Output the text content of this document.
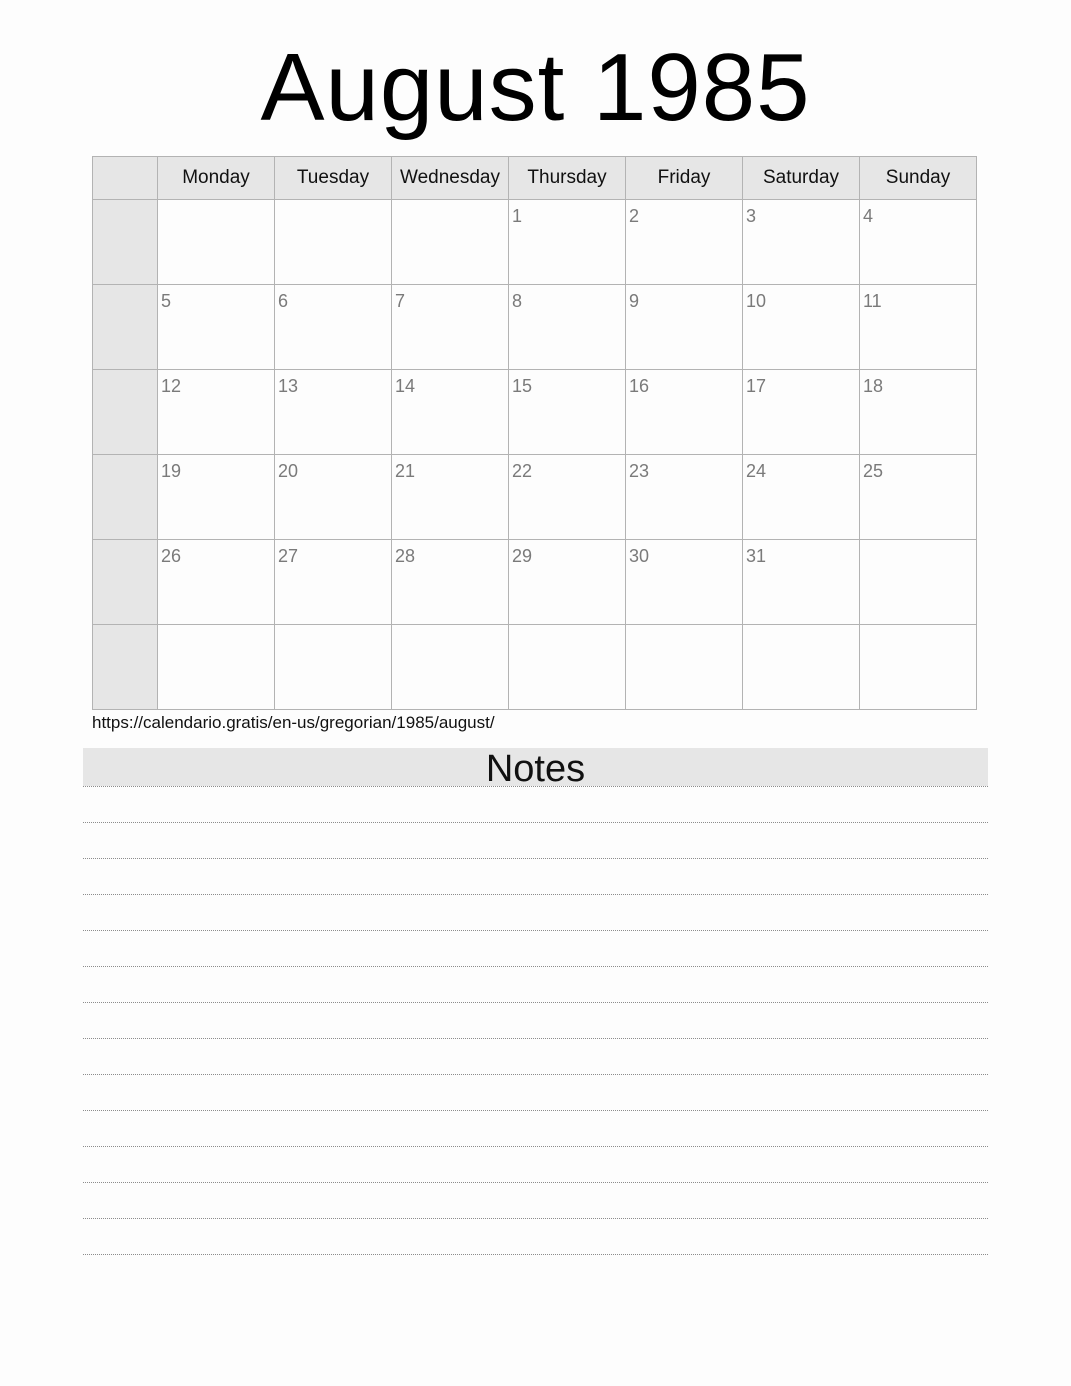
August 1985
	Monday	Tuesday	Wednesday	Thursday	Friday	Saturday	Sunday

				1	2	3	4

	5	6	7	8	9	10	11

	12	13	14	15	16	17	18

	19	20	21	22	23	24	25

	26	27	28	29	30	31	

https://calendario.gratis/en-us/gregorian/1985/august/
Notes
